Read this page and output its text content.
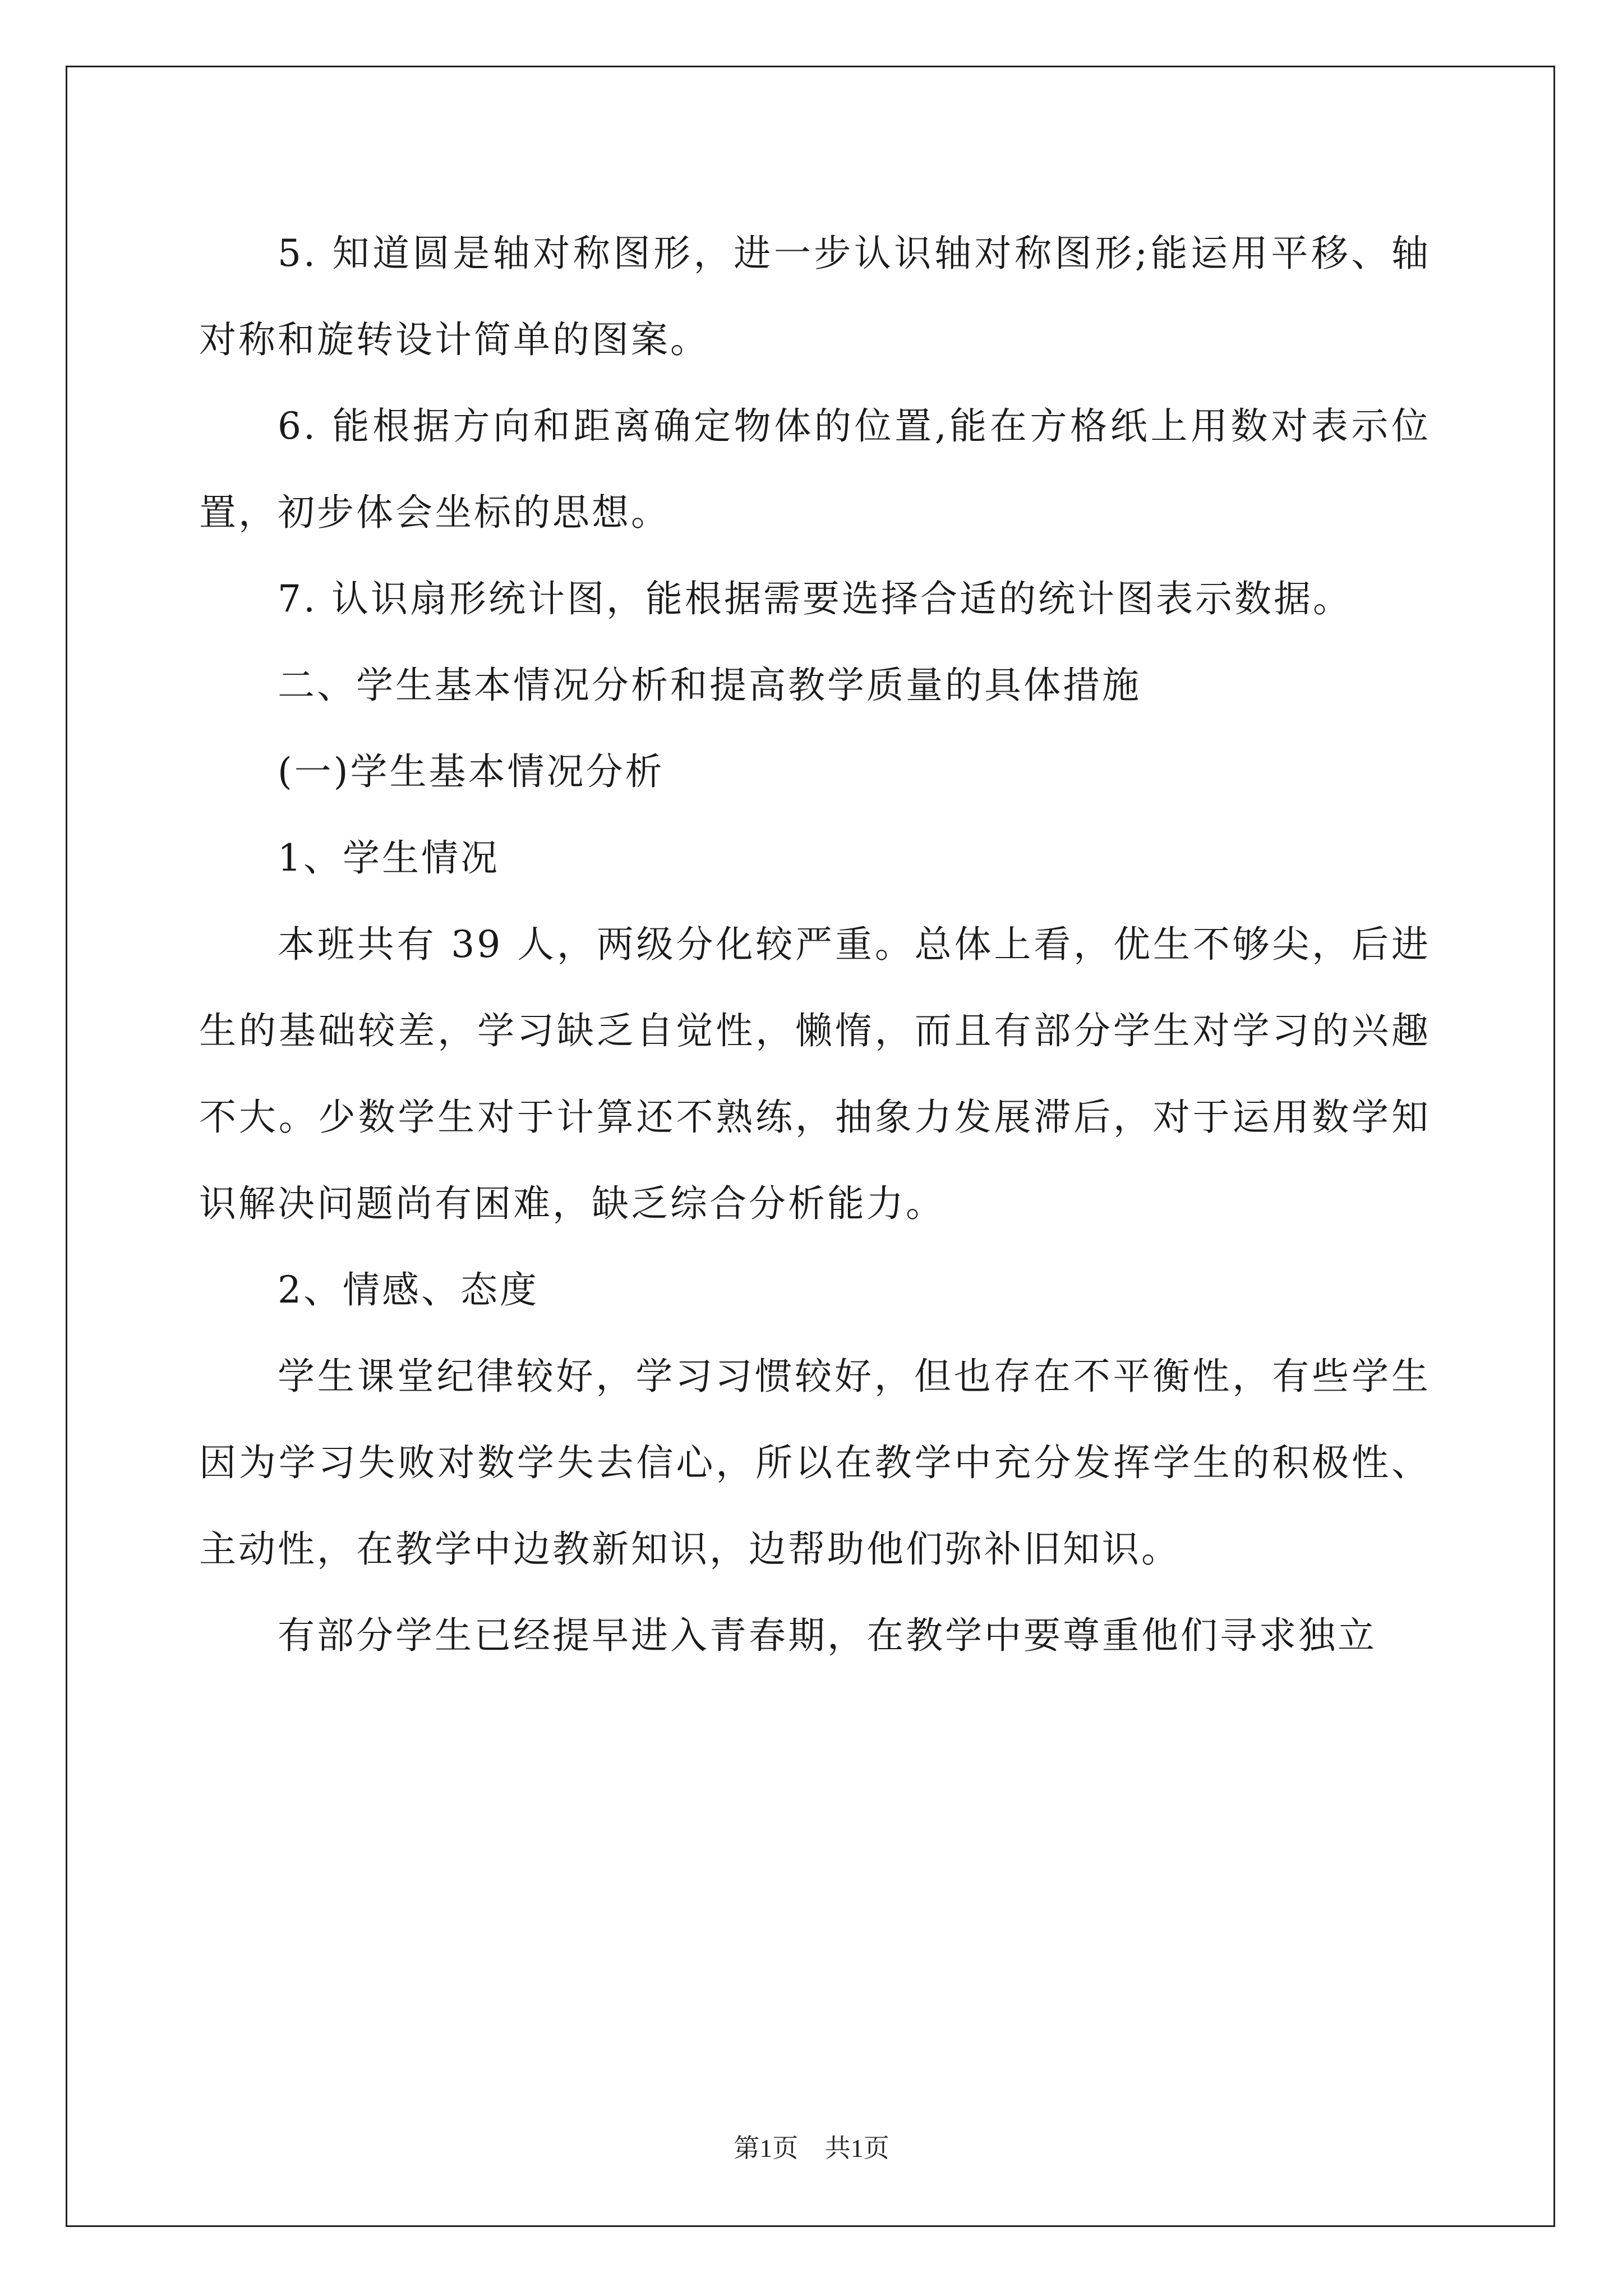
5. 知道圆是轴对称图形，进一步认识轴对称图形;能运用平移、轴对称和旋转设计简单的图案。

6. 能根据方向和距离确定物体的位置,能在方格纸上用数对表示位置，初步体会坐标的思想。

7. 认识扇形统计图，能根据需要选择合适的统计图表示数据。

二、学生基本情况分析和提高教学质量的具体措施

(一)学生基本情况分析

1、学生情况

本班共有 39 人，两级分化较严重。总体上看，优生不够尖，后进生的基础较差，学习缺乏自觉性，懒惰，而且有部分学生对学习的兴趣不大。少数学生对于计算还不熟练，抽象力发展滞后，对于运用数学知识解决问题尚有困难，缺乏综合分析能力。

2、情感、态度

学生课堂纪律较好，学习习惯较好，但也存在不平衡性，有些学生因为学习失败对数学失去信心，所以在教学中充分发挥学生的积极性、主动性，在教学中边教新知识，边帮助他们弥补旧知识。

有部分学生已经提早进入青春期，在教学中要尊重他们寻求独立

第1页 共1页
